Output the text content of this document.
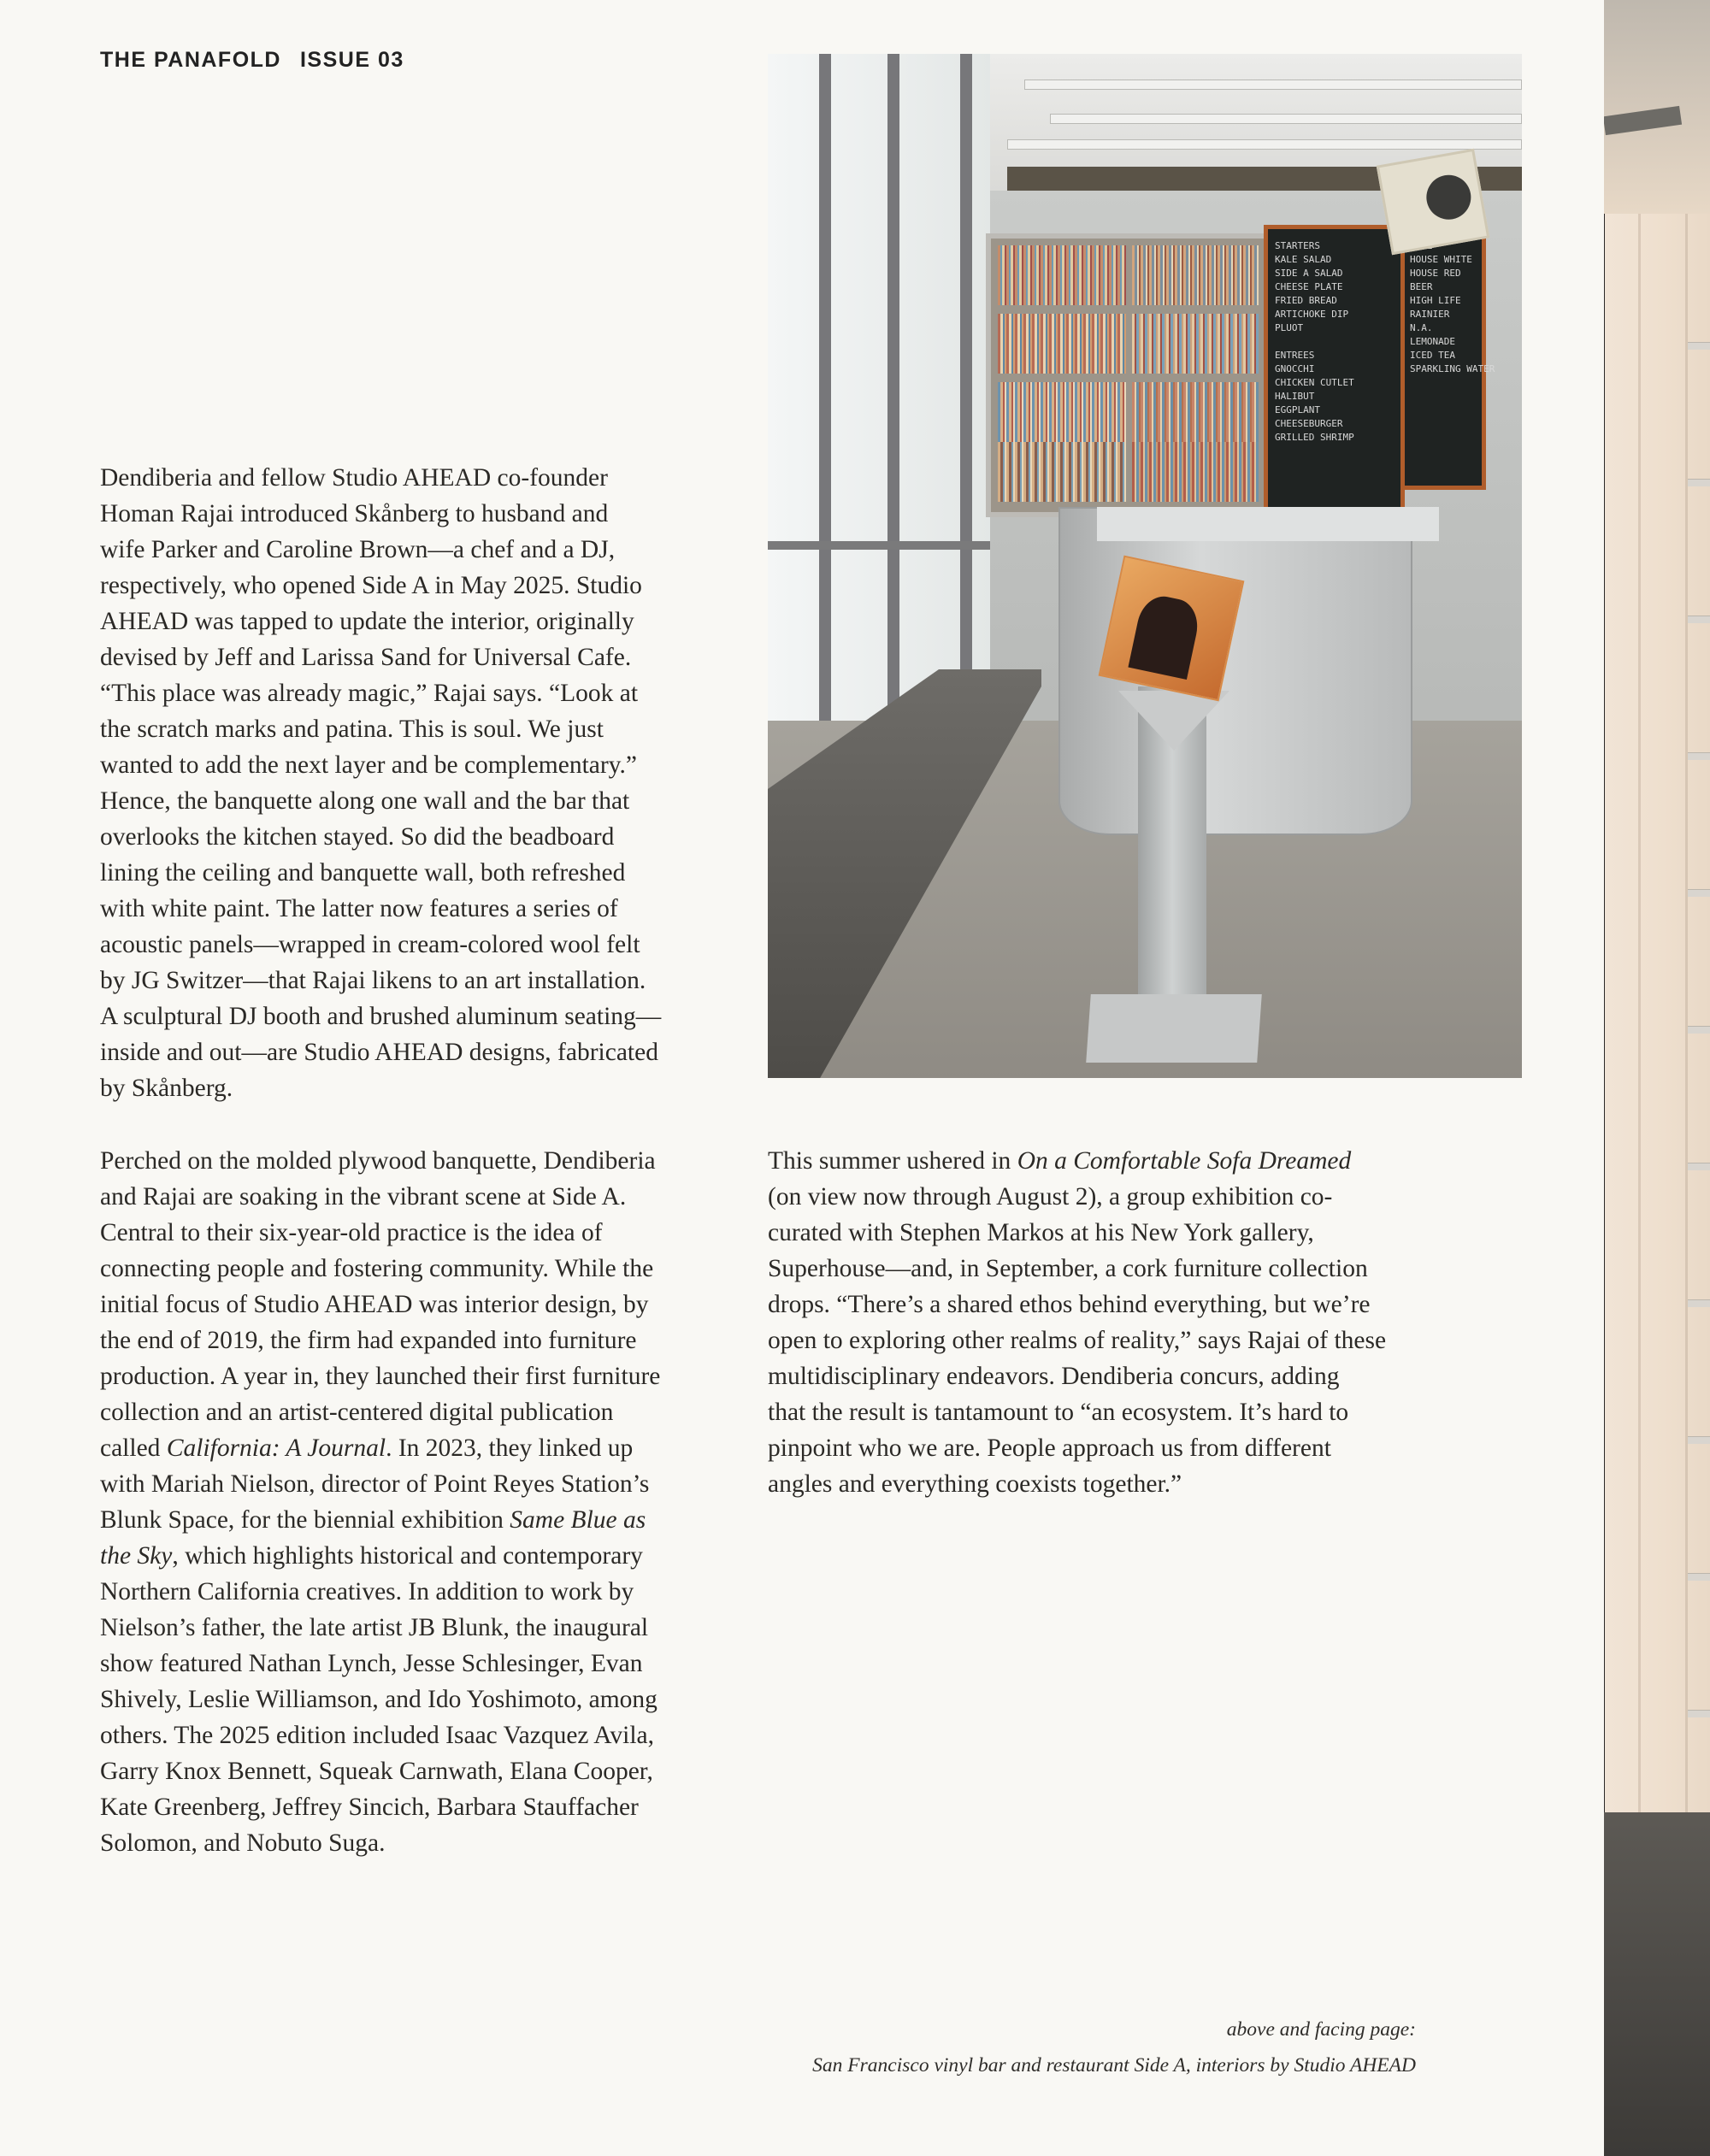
THE PANAFOLD ISSUE 03
STARTERS
KALE SALAD
SIDE A SALAD
CHEESE PLATE
FRIED BREAD
ARTICHOKE DIP
PLUOT

ENTREES
GNOCCHI
CHICKEN CUTLET
HALIBUT
EGGPLANT
CHEESEBURGER
GRILLED SHRIMP

HOUSE WHITE
HOUSE RED
BEER
HIGH LIFE
RAINIER
N.A.
LEMONADE
ICED TEA
SPARKLING WATER

Dendiberia and fellow Studio AHEAD co-founder
Homan Rajai introduced Skånberg to husband and
wife Parker and Caroline Brown—a chef and a DJ,
respectively, who opened Side A in May 2025. Studio
AHEAD was tapped to update the interior, originally
devised by Jeff and Larissa Sand for Universal Cafe.
“This place was already magic,” Rajai says. “Look at
the scratch marks and patina. This is soul. We just
wanted to add the next layer and be complementary.”
Hence, the banquette along one wall and the bar that
overlooks the kitchen stayed. So did the beadboard
lining the ceiling and banquette wall, both refreshed
with white paint. The latter now features a series of
acoustic panels—wrapped in cream-colored wool felt
by JG Switzer—that Rajai likens to an art installation.
A sculptural DJ booth and brushed aluminum seating—
inside and out—are Studio AHEAD designs, fabricated
by Skånberg.

Perched on the molded plywood banquette, Dendiberia
and Rajai are soaking in the vibrant scene at Side A.
Central to their six-year-old practice is the idea of
connecting people and fostering community. While the
initial focus of Studio AHEAD was interior design, by
the end of 2019, the firm had expanded into furniture
production. A year in, they launched their first furniture
collection and an artist-centered digital publication
called California: A Journal. In 2023, they linked up
with Mariah Nielson, director of Point Reyes Station’s
Blunk Space, for the biennial exhibition Same Blue as
the Sky, which highlights historical and contemporary
Northern California creatives. In addition to work by
Nielson’s father, the late artist JB Blunk, the inaugural
show featured Nathan Lynch, Jesse Schlesinger, Evan
Shively, Leslie Williamson, and Ido Yoshimoto, among
others. The 2025 edition included Isaac Vazquez Avila,
Garry Knox Bennett, Squeak Carnwath, Elana Cooper,
Kate Greenberg, Jeffrey Sincich, Barbara Stauffacher
Solomon, and Nobuto Suga.

This summer ushered in On a Comfortable Sofa Dreamed
(on view now through August 2), a group exhibition co-
curated with Stephen Markos at his New York gallery,
Superhouse—and, in September, a cork furniture collection
drops. “There’s a shared ethos behind everything, but we’re
open to exploring other realms of reality,” says Rajai of these
multidisciplinary endeavors. Dendiberia concurs, adding
that the result is tantamount to “an ecosystem. It’s hard to
pinpoint who we are. People approach us from different
angles and everything coexists together.”

above and facing page:
San Francisco vinyl bar and restaurant Side A, interiors by Studio AHEAD
